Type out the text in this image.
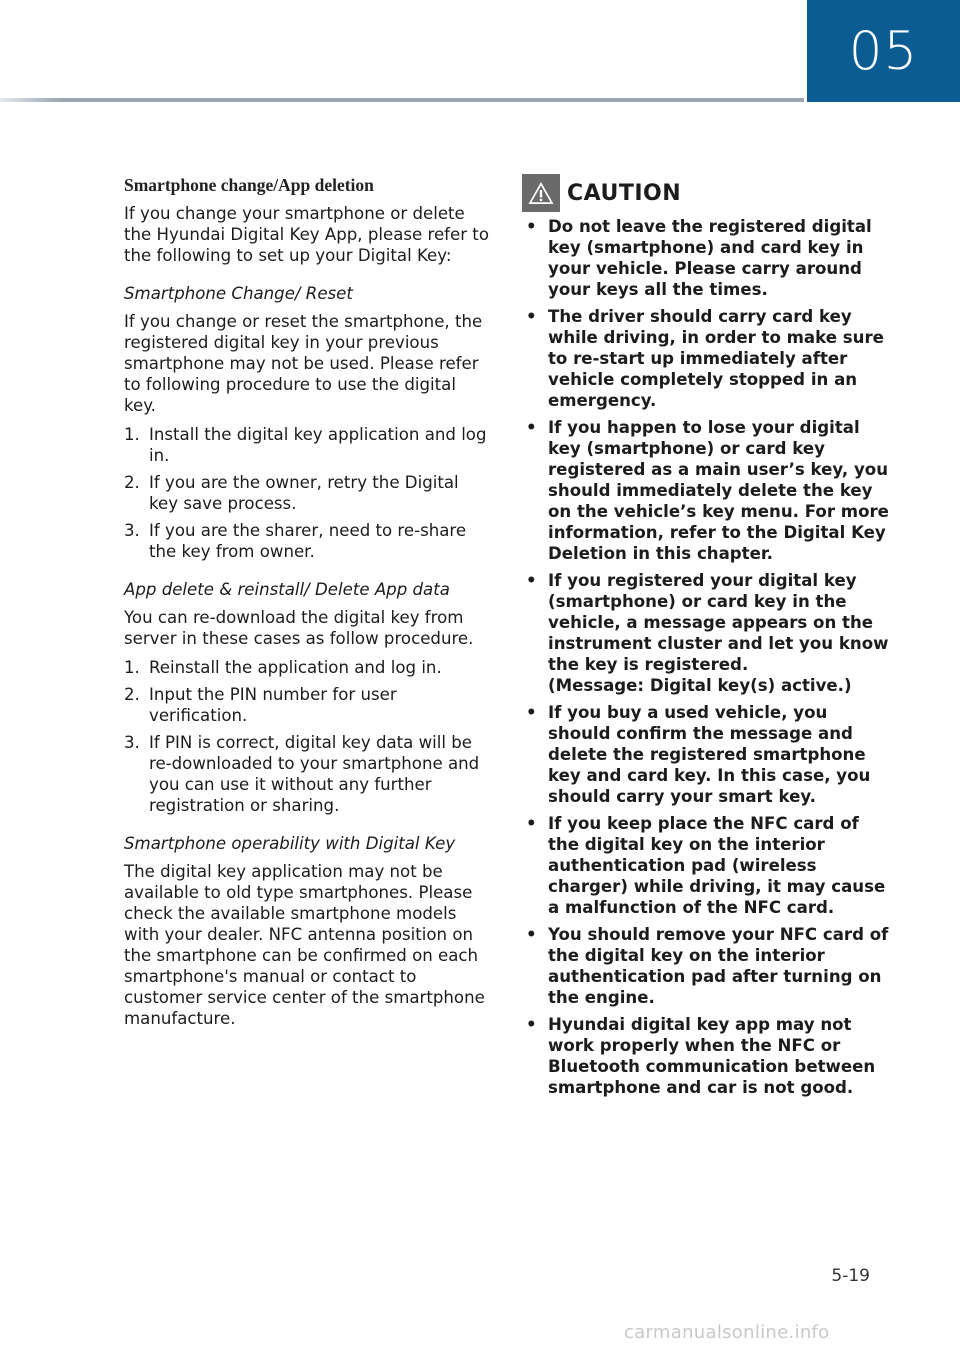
05
Smartphone change/App deletion
If you change your smartphone or delete the Hyundai Digital Key App, please refer to the following to set up your Digital Key:
Smartphone Change/ Reset
If you change or reset the smartphone, the registered digital key in your previous smartphone may not be used. Please refer to following procedure to use the digital key.
1. Install the digital key application and log in.
2. If you are the owner, retry the Digital key save process.
3. If you are the sharer, need to re-share the key from owner.
App delete & reinstall/ Delete App data
You can re-download the digital key from server in these cases as follow procedure.
1. Reinstall the application and log in.
2. Input the PIN number for user verification.
3. If PIN is correct, digital key data will be re-downloaded to your smartphone and you can use it without any further registration or sharing.
Smartphone operability with Digital Key
The digital key application may not be available to old type smartphones. Please check the available smartphone models with your dealer. NFC antenna position on the smartphone can be confirmed on each smartphone's manual or contact to customer service center of the smartphone manufacture.
CAUTION
• Do not leave the registered digital key (smartphone) and card key in your vehicle. Please carry around your keys all the times.
• The driver should carry card key while driving, in order to make sure to re-start up immediately after vehicle completely stopped in an emergency.
• If you happen to lose your digital key (smartphone) or card key registered as a main user’s key, you should immediately delete the key on the vehicle’s key menu. For more information, refer to the Digital Key Deletion in this chapter.
• If you registered your digital key (smartphone) or card key in the vehicle, a message appears on the instrument cluster and let you know the key is registered.
(Message: Digital key(s) active.)
• If you buy a used vehicle, you should confirm the message and delete the registered smartphone key and card key. In this case, you should carry your smart key.
• If you keep place the NFC card of the digital key on the interior authentication pad (wireless charger) while driving, it may cause a malfunction of the NFC card.
• You should remove your NFC card of the digital key on the interior authentication pad after turning on the engine.
• Hyundai digital key app may not work properly when the NFC or Bluetooth communication between smartphone and car is not good.
5-19
carmanualsonline.info
